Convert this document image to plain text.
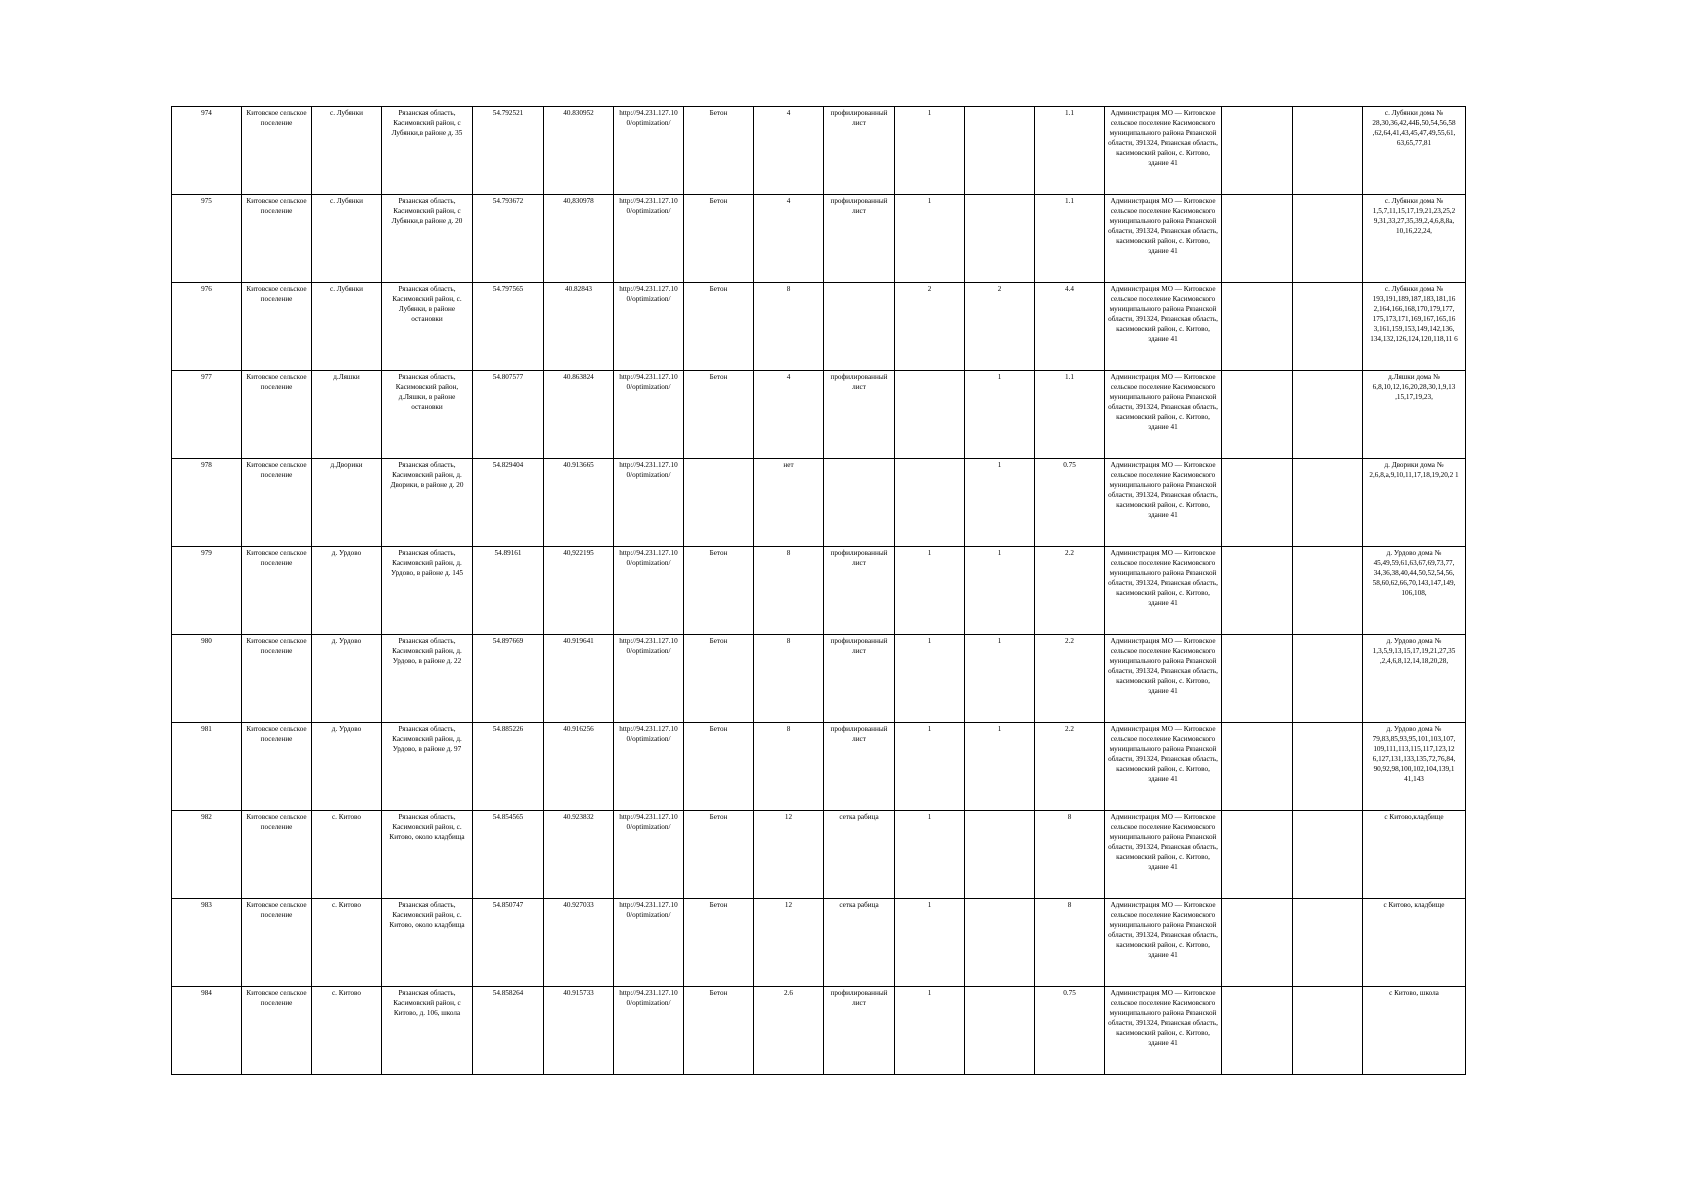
974	Китовское сельское поселение	с. Лубянки	Рязанская область, Касимовский район, с Лубянки,в районе д. 35	54.792521	40.830952	http://94.231.127.10 0/optimization/	Бетон	4	профилированный лист	1		1.1	Администрация МО — Китовское сельское поселение Касимовского муниципального района Рязанской области, 391324, Рязанская область, касимовский район, с. Китово, здание 41			с. Лубянки дома № 28,30,36,42,44Б,50,54,56,58 ,62,64,41,43,45,47,49,55,61, 63,65,77,81
975	Китовское сельское поселение	с. Лубянки	Рязанская область, Касимовский район, с Лубянки,в районе д. 20	54.793672	40,830978	http://94.231.127.10 0/optimization/	Бетон	4	профилированный лист	1		1.1	Администрация МО — Китовское сельское поселение Касимовского муниципального района Рязанской области, 391324, Рязанская область, касимовский район, с. Китово, здание 41			с. Лубянки дома № 1,5,7,11,15,17,19,21,23,25,2 9,31,33,27,35,39,2,4,6,8,8а, 10,16,22,24,
976	Китовское сельское поселение	с. Лубянки	Рязанская область, Касимовский район, с. Лубянки, в районе остановки	54.797565	40.82843	http://94.231.127.10 0/optimization/	Бетон	8		2	2	4.4	Администрация МО — Китовское сельское поселение Касимовского муниципального района Рязанской области, 391324, Рязанская область, касимовский район, с. Китово, здание 41			с. Лубянки дома № 193,191,189,187,183,181,16 2,164,166,168,170,179,177, 175,173,171,169,167,165,16 3,161,159,153,149,142,136, 134,132,126,124,120,118,11 6
977	Китовское сельское поселение	д.Ляшки	Рязанская область, Касимовский район, д.Ляшки, в районе остановки	54.807577	40.863824	http://94.231.127.10 0/optimization/	Бетон	4	профилированный лист		1	1.1	Администрация МО — Китовское сельское поселение Касимовского муниципального района Рязанской области, 391324, Рязанская область, касимовский район, с. Китово, здание 41			д.Ляшки дома № 6,8,10,12,16,20,28,30,1,9,13 ,15,17,19,23,
978	Китовское сельское поселение	д.Дворики	Рязанская область, Касимовский район, д. Дворики, в районе д. 20	54.829404	40.913665	http://94.231.127.10 0/optimization/		нет			1	0.75	Администрация МО — Китовское сельское поселение Касимовского муниципального района Рязанской области, 391324, Рязанская область, касимовский район, с. Китово, здание 41			д. Дворики дома № 2,6,8,а,9,10,11,17,18,19,20,2 1
979	Китовское сельское поселение	д. Урдово	Рязанская область, Касимовский район, д. Урдово, в районе д. 145	54.89161	40,922195	http://94.231.127.10 0/optimization/	Бетон	8	профилированный лист	1	1	2.2	Администрация МО — Китовское сельское поселение Касимовского муниципального района Рязанской области, 391324, Рязанская область, касимовский район, с. Китово, здание 41			д. Урдово дома № 45,49,59,61,63,67,69,73,77, 34,36,38,40,44,50,52,54,56, 58,60,62,66,70,143,147,149, 106,108,
980	Китовское сельское поселение	д. Урдово	Рязанская область, Касимовский район, д. Урдово, в районе д. 22	54.897669	40.919641	http://94.231.127.10 0/optimization/	Бетон	8	профилированный лист	1	1	2.2	Администрация МО — Китовское сельское поселение Касимовского муниципального района Рязанской области, 391324, Рязанская область, касимовский район, с. Китово, здание 41			д. Урдово дома № 1,3,5,9,13,15,17,19,21,27,35 ,2,4,6,8,12,14,18,20,28,
981	Китовское сельское поселение	д. Урдово	Рязанская область, Касимовский район, д. Урдово, в районе д. 97	54.885226	40.916256	http://94.231.127.10 0/optimization/	Бетон	8	профилированный лист	1	1	2.2	Администрация МО — Китовское сельское поселение Касимовского муниципального района Рязанской области, 391324, Рязанская область, касимовский район, с. Китово, здание 41			д. Урдово дома № 79,83,85,93,95,101,103,107, 109,111,113,115,117,123,12 6,127,131,133,135,72,76,84, 90,92,98,100,102,104,139,1 41,143
982	Китовское сельское поселение	с. Китово	Рязанская область, Касимовский район, с. Китово, около кладбища	54.854565	40.923832	http://94.231.127.10 0/optimization/	Бетон	12	сетка рабица	1		8	Администрация МО — Китовское сельское поселение Касимовского муниципального района Рязанской области, 391324, Рязанская область, касимовский район, с. Китово, здание 41			с Китово,кладбище
983	Китовское сельское поселение	с. Китово	Рязанская область, Касимовский район, с. Китово, около кладбища	54.850747	40.927033	http://94.231.127.10 0/optimization/	Бетон	12	сетка рабица	1		8	Администрация МО — Китовское сельское поселение Касимовского муниципального района Рязанской области, 391324, Рязанская область, касимовский район, с. Китово, здание 41			с Китово, кладбище
984	Китовское сельское поселение	с. Китово	Рязанская область, Касимовский район, с Китово, д. 106, школа	54.858264	40.915733	http://94.231.127.10 0/optimization/	Бетон	2.6	профилированный лист	1		0.75	Администрация МО — Китовское сельское поселение Касимовского муниципального района Рязанской области, 391324, Рязанская область, касимовский район, с. Китово, здание 41			с Китово, школа
